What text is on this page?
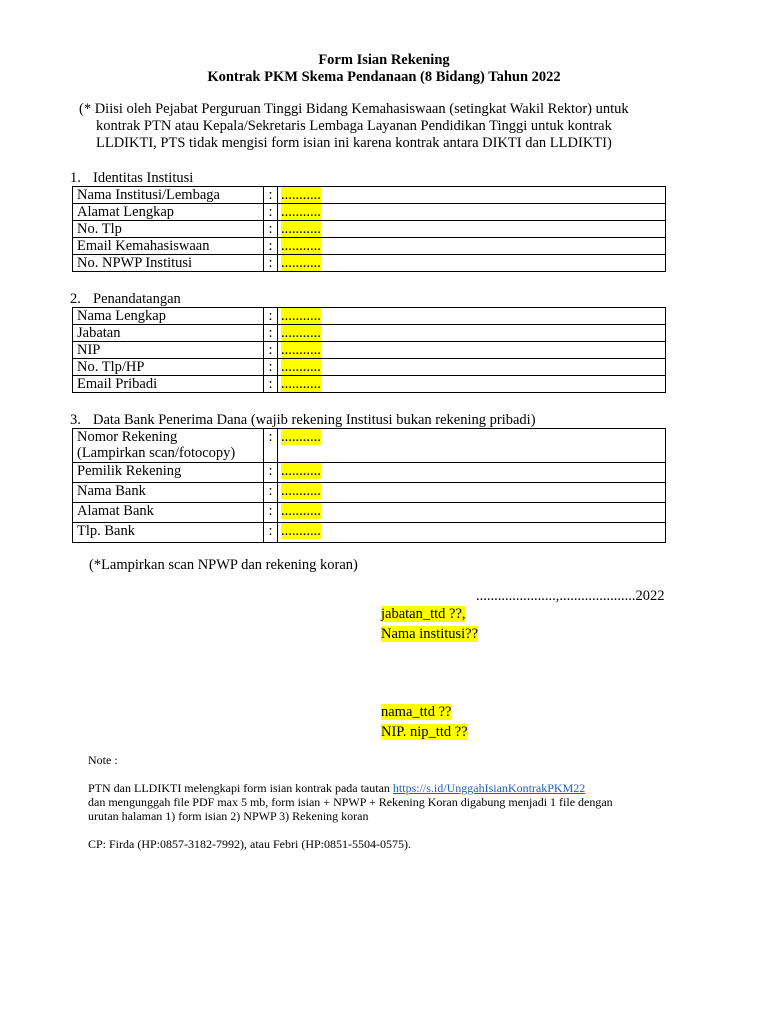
Form Isian Rekening
Kontrak PKM Skema Pendanaan (8 Bidang) Tahun 2022
(* Diisi oleh Pejabat Perguruan Tinggi Bidang Kemahasiswaan (setingkat Wakil Rektor) untuk
kontrak PTN atau Kepala/Sekretaris Lembaga Layanan Pendidikan Tinggi untuk kontrak
LLDIKTI, PTS tidak mengisi form isian ini karena kontrak antara DIKTI dan LLDIKTI)
1. Identitas Institusi
Nama Institusi/Lembaga	:	...........
Alamat Lengkap	:	...........
No. Tlp	:	...........
Email Kemahasiswaan	:	...........
No. NPWP Institusi	:	...........
2. Penandatangan
Nama Lengkap	:	...........
Jabatan	:	...........
NIP	:	...........
No. Tlp/HP	:	...........
Email Pribadi	:	...........
3. Data Bank Penerima Dana (wajib rekening Institusi bukan rekening pribadi)
Nomor Rekening
(Lampirkan scan/fotocopy)	:	...........
Pemilik Rekening	:	...........
Nama Bank	:	...........
Alamat Bank	:	...........
Tlp. Bank	:	...........
(*Lampirkan scan NPWP dan rekening koran)
......................,.....................2022
jabatan_ttd ??,
Nama institusi??
nama_ttd ??
NIP. nip_ttd ??
Note :
PTN dan LLDIKTI melengkapi form isian kontrak pada tautan https://s.id/UnggahIsianKontrakPKM22
dan mengunggah file PDF max 5 mb, form isian + NPWP + Rekening Koran digabung menjadi 1 file dengan
urutan halaman 1) form isian 2) NPWP 3) Rekening koran
CP: Firda (HP:0857-3182-7992), atau Febri (HP:0851-5504-0575).
